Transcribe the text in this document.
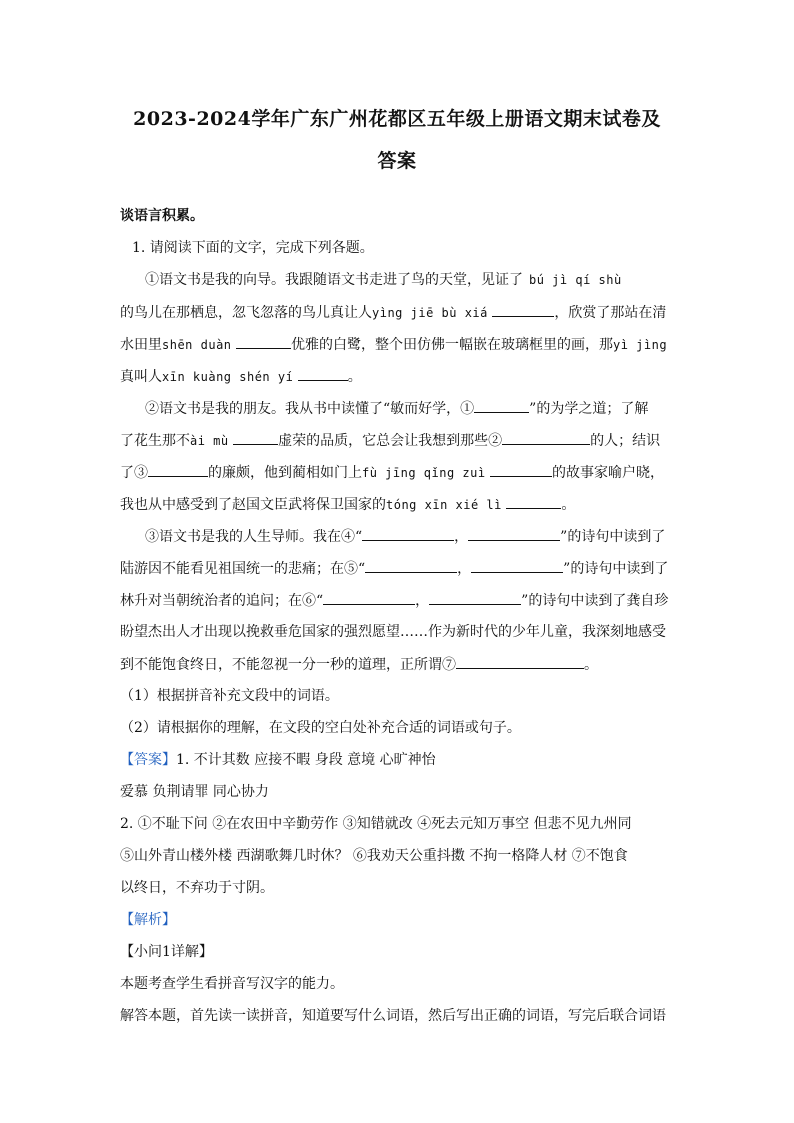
2023-2024学年广东广州花都区五年级上册语文期末试卷及
答案
谈语言积累。
1. 请阅读下面的文字，完成下列各题。
①语文书是我的向导。我跟随语文书走进了鸟的天堂，见证了 bú jì qí shù
的鸟儿在那栖息，忽飞忽落的鸟儿真让人yìng jiē bù xiá	，欣赏了那站在清
水田里shēn duàn	优雅的白鹭，整个田仿佛一幅嵌在玻璃框里的画，那yì jìng
真叫人xīn kuàng shén yí	。
②语文书是我的朋友。我从书中读懂了“敏而好学，①	”的为学之道；了解
了花生那不ài mù	虚荣的品质，它总会让我想到那些②	的人；结识
了③	的廉颇，他到蔺相如门上fù jīng qǐng zuì	的故事家喻户晓，
我也从中感受到了赵国文臣武将保卫国家的tóng xīn xié lì	。
③语文书是我的人生导师。我在④“	，	”的诗句中读到了
陆游因不能看见祖国统一的悲痛；在⑤“	，	”的诗句中读到了
林升对当朝统治者的追问；在⑥“	，	”的诗句中读到了龚自珍
盼望杰出人才出现以挽救垂危国家的强烈愿望……作为新时代的少年儿童，我深刻地感受
到不能饱食终日，不能忽视一分一秒的道理，正所谓⑦	。
（1）根据拼音补充文段中的词语。
（2）请根据你的理解，在文段的空白处补充合适的词语或句子。
【答案】1. 不计其数 应接不暇 身段 意境 心旷神怡
爱慕 负荆请罪 同心协力
2. ①不耻下问 ②在农田中辛勤劳作 ③知错就改 ④死去元知万事空 但悲不见九州同
⑤山外青山楼外楼 西湖歌舞几时休？ ⑥我劝天公重抖擞 不拘一格降人材 ⑦不饱食
以终日，不弃功于寸阴。
【解析】
【小问1详解】
本题考查学生看拼音写汉字的能力。
解答本题，首先读一读拼音，知道要写什么词语，然后写出正确的词语，写完后联合词语
